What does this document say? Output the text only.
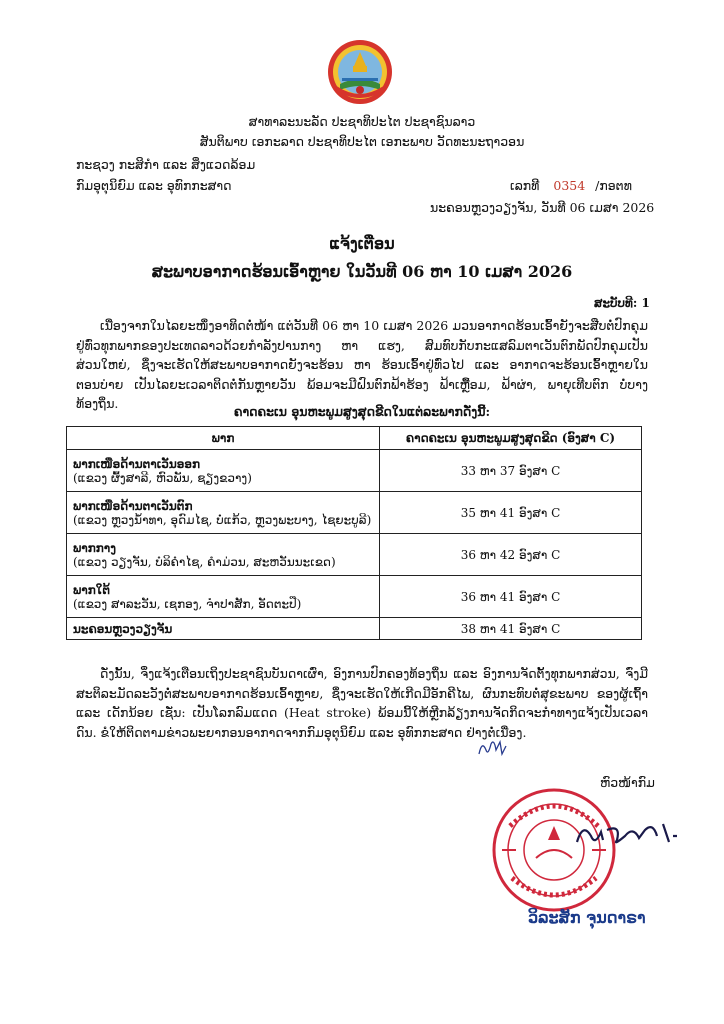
ສາທາລະນະລັດ ປະຊາທິປະໄຕ ປະຊາຊົນລາວ
ສັນຕິພາບ ເອກະລາດ ປະຊາທິປະໄຕ ເອກະພາບ ວັດທະນະຖາວອນ
ກະຊວງ ກະສິກຳ ແລະ ສິ່ງແວດລ້ອມ
ກົມອຸຕຸນິຍົມ ແລະ ອຸທົກກະສາດ	ເລກທີ 0354 /ກອຕທ
ນະຄອນຫຼວງວຽງຈັນ, ວັນທີ 06 ເມສາ 2026
ແຈ້ງເຕືອນ
ສະພາບອາກາດຮ້ອນເອົ້າຫຼາຍ ໃນວັນທີ 06 ຫາ 10 ເມສາ 2026
ສະບັບທີ: 1
ເນື່ອງຈາກໃນໄລຍະໜຶ່ງອາທິດຕໍ່ໜ້າ ແຕ່ວັນທີ 06 ຫາ 10 ເມສາ 2026 ມວນອາກາດຮ້ອນເອົ້າຍັງຈະສືບຕໍ່ປົກຄຸມຢູ່ທົ່ວທຸກພາກຂອງປະເທດລາວດ້ວຍກຳລັງປານກາງ ຫາ ແຮງ, ສົມທົບກັບກະແສລົມຕາເວັນຕົກພັດປົກຄຸມເປັນສ່ວນໃຫຍ່, ຊຶ່ງຈະເຮັດໃຫ້ສະພາບອາກາດຍັງຈະຮ້ອນ ຫາ ຮ້ອນເອົ້າຢູ່ທົ່ວໄປ ແລະ ອາກາດຈະຮ້ອນເອົ້າຫຼາຍໃນຕອນບ່າຍ ເປັນໄລຍະເວລາຕິດຕໍ່ກັນຫຼາຍວັນ ພ້ອມຈະມີຝົນຕົກຟ້າຮ້ອງ ຟ້າເຫຼື້ອມ, ຟ້າຜ່າ, ພາຍຸເທີບຕົກ ບໍ່ບາງທ້ອງຖິ່ນ.
ຄາດຄະເນ ອຸນຫະພູມສູງສຸດຂີດໃນແຕ່ລະພາກດັ່ງນີ້:
ພາກ	ຄາດຄະເນ ອຸນຫະພູມສູງສຸດຂີດ (ອົງສາ C)

ພາກເໜືອດ້ານຕາເວັນອອກ
(ແຂວງ ຜົ້ງສາລີ, ຫົວພັນ, ຊຽງຂວາງ)	33 ຫາ 37 ອົງສາ C

ພາກເໜືອດ້ານຕາເວັນຕົກ
(ແຂວງ ຫຼວງນໍ້າທາ, ອຸດົມໄຊ, ບໍ່ແກ້ວ, ຫຼວງພະບາງ, ໄຊຍະບູລີ)	35 ຫາ 41 ອົງສາ C

ພາກກາງ
(ແຂວງ ວຽງຈັນ, ບໍລິຄຳໄຊ, ຄຳມ່ວນ, ສະຫວັນນະເຂດ)	36 ຫາ 42 ອົງສາ C

ພາກໃຕ້
(ແຂວງ ສາລະວັນ, ເຊກອງ, ຈຳປາສັກ, ອັດຕະປື)	36 ຫາ 41 ອົງສາ C

ນະຄອນຫຼວງວຽງຈັນ	38 ຫາ 41 ອົງສາ C
ດັ່ງນັ້ນ, ຈຶ່ງແຈ້ງເຕືອນເຖິງປະຊາຊົນບັນດາເຜົ່າ, ອົງການປົກຄອງທ້ອງຖິ່ນ ແລະ ອົງການຈັດຕັ້ງທຸກພາກສ່ວນ, ຈົ່ງມີສະຕິລະມັດລະວັງຕໍ່ສະພາບອາກາດຮ້ອນເອົ້າຫຼາຍ, ຊຶ່ງຈະເຮັດໃຫ້ເກີດມີອັກຄີໄພ, ຜົນກະທົບຕໍ່ສຸຂະພາບ ຂອງຜູ້ເຖົ້າ ແລະ ເດັກນ້ອຍ ເຊັ່ນ: ເປັນໂລກລົມແດດ (Heat stroke) ພ້ອມນີ້ໃຫ້ຫຼີກລ້ຽງການຈັດກິດຈະກຳທາງແຈ້ງເປັນເວລາດົນ. ຂໍໃຫ້ຕິດຕາມຂ່າວພະຍາກອນອາກາດຈາກກົມອຸຕຸນິຍົມ ແລະ ອຸທົກກະສາດ ຢ່າງຕໍ່ເນື່ອງ.
ຫົວໜ້າກົມ
ວິລະສັກ ຈຸນດາຣາ
